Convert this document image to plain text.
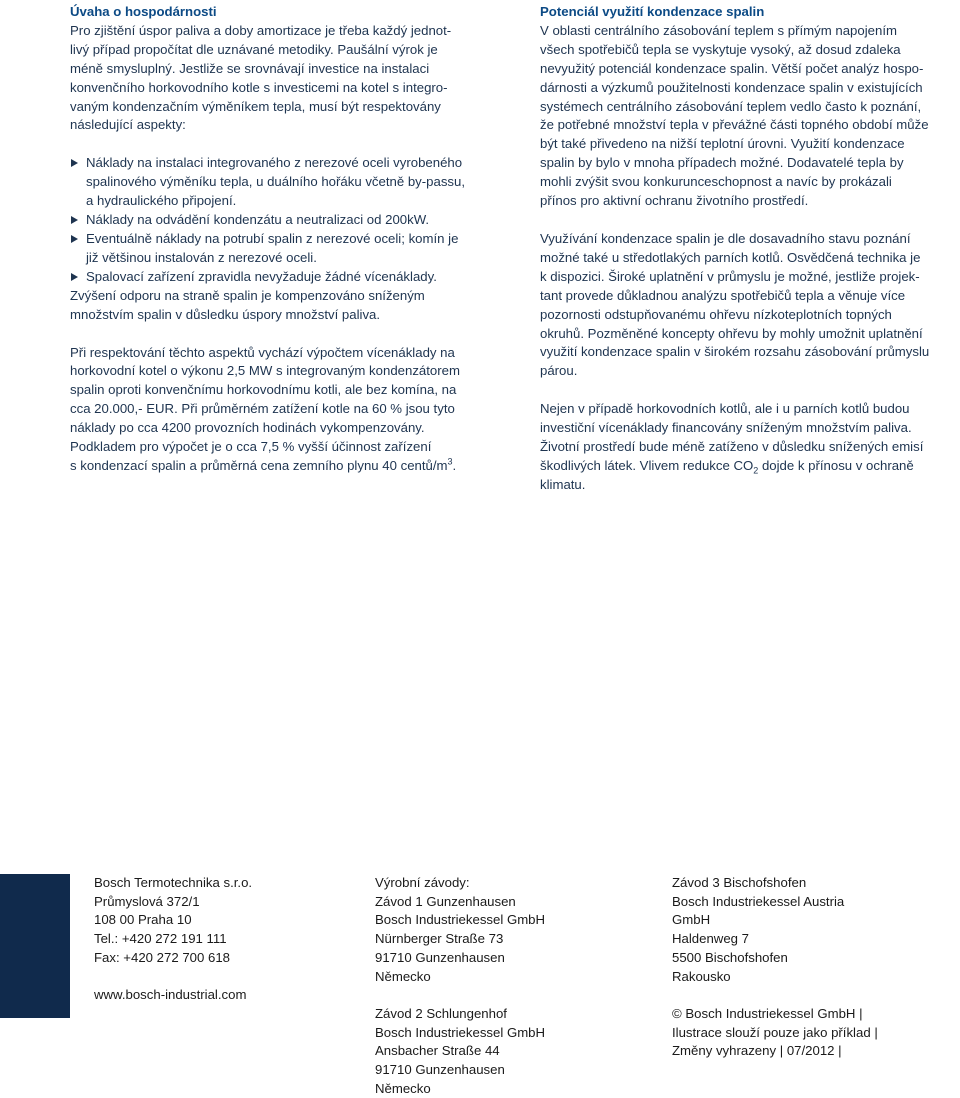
Úvaha o hospodárnosti

Pro zjištění úspor paliva a doby amortizace je třeba každý jednot-
livý případ propočítat dle uznávané metodiky. Paušální výrok je
méně smysluplný. Jestliže se srovnávají investice na instalaci
konvenčního horkovodního kotle s investicemi na kotel s integro-
vaným kondenzačním výměníkem tepla, musí být respektovány
následující aspekty:

Náklady na instalaci integrovaného z nerezové oceli vyrobeného
spalinového výměníku tepla, u duálního hořáku včetně by-passu,
a hydraulického připojení.
Náklady na odvádění kondenzátu a neutralizaci od 200kW.
Eventuálně náklady na potrubí spalin z nerezové oceli; komín je
již většinou instalován z nerezové oceli.
Spalovací zařízení zpravidla nevyžaduje žádné vícenáklady.

Zvýšení odporu na straně spalin je kompenzováno sníženým
množstvím spalin v důsledku úspory množství paliva.

Při respektování těchto aspektů vychází výpočtem vícenáklady na
horkovodní kotel o výkonu 2,5 MW s integrovaným kondenzátorem
spalin oproti konvenčnímu horkovodnímu kotli, ale bez komína, na
cca 20.000,- EUR. Při průměrném zatížení kotle na 60 % jsou tyto
náklady po cca 4200 provozních hodinách vykompenzovány.
Podkladem pro výpočet je o cca 7,5 % vyšší účinnost zařízení
s kondenzací spalin a průměrná cena zemního plynu 40 centů/$m^3$.

Potenciál využití kondenzace spalin

V oblasti centrálního zásobování teplem s přímým napojením
všech spotřebičů tepla se vyskytuje vysoký, až dosud zdaleka
nevyužitý potenciál kondenzace spalin. Větší počet analýz hospo-
dárnosti a výzkumů použitelnosti kondenzace spalin v existujících
systémech centrálního zásobování teplem vedlo často k poznání,
že potřebné množství tepla v převážné části topného období může
být také přivedeno na nižší teplotní úrovni. Využití kondenzace
spalin by bylo v mnoha případech možné. Dodavatelé tepla by
mohli zvýšit svou konkurunceschopnost a navíc by prokázali
přínos pro aktivní ochranu životního prostředí.

Využívání kondenzace spalin je dle dosavadního stavu poznání
možné také u středotlakých parních kotlů. Osvědčená technika je
k dispozici. Široké uplatnění v průmyslu je možné, jestliže projek-
tant provede důkladnou analýzu spotřebičů tepla a věnuje více
pozornosti odstupňovanému ohřevu nízkoteplotních topných
okruhů. Pozměněné koncepty ohřevu by mohly umožnit uplatnění
využití kondenzace spalin v širokém rozsahu zásobování průmyslu
párou.

Nejen v případě horkovodních kotlů, ale i u parních kotlů budou
investiční vícenáklady financovány sníženým množstvím paliva.
Životní prostředí bude méně zatíženo v důsledku snížených emisí
škodlivých látek. Vlivem redukce $CO_2$ dojde k přínosu v ochraně
klimatu.

Bosch Termotechnika s.r.o.
Průmyslová 372/1
108 00 Praha 10
Tel.: +420 272 191 111
Fax: +420 272 700 618
www.bosch-industrial.com
Výrobní závody:
Závod 1 Gunzenhausen
Bosch Industriekessel GmbH
Nürnberger Straße 73
91710 Gunzenhausen
Německo
Závod 2 Schlungenhof
Bosch Industriekessel GmbH
Ansbacher Straße 44
91710 Gunzenhausen
Německo
Závod 3 Bischofshofen
Bosch Industriekessel Austria
GmbH
Haldenweg 7
5500 Bischofshofen
Rakousko
© Bosch Industriekessel GmbH |
Ilustrace slouží pouze jako příklad |
Změny vyhrazeny | 07/2012 |
